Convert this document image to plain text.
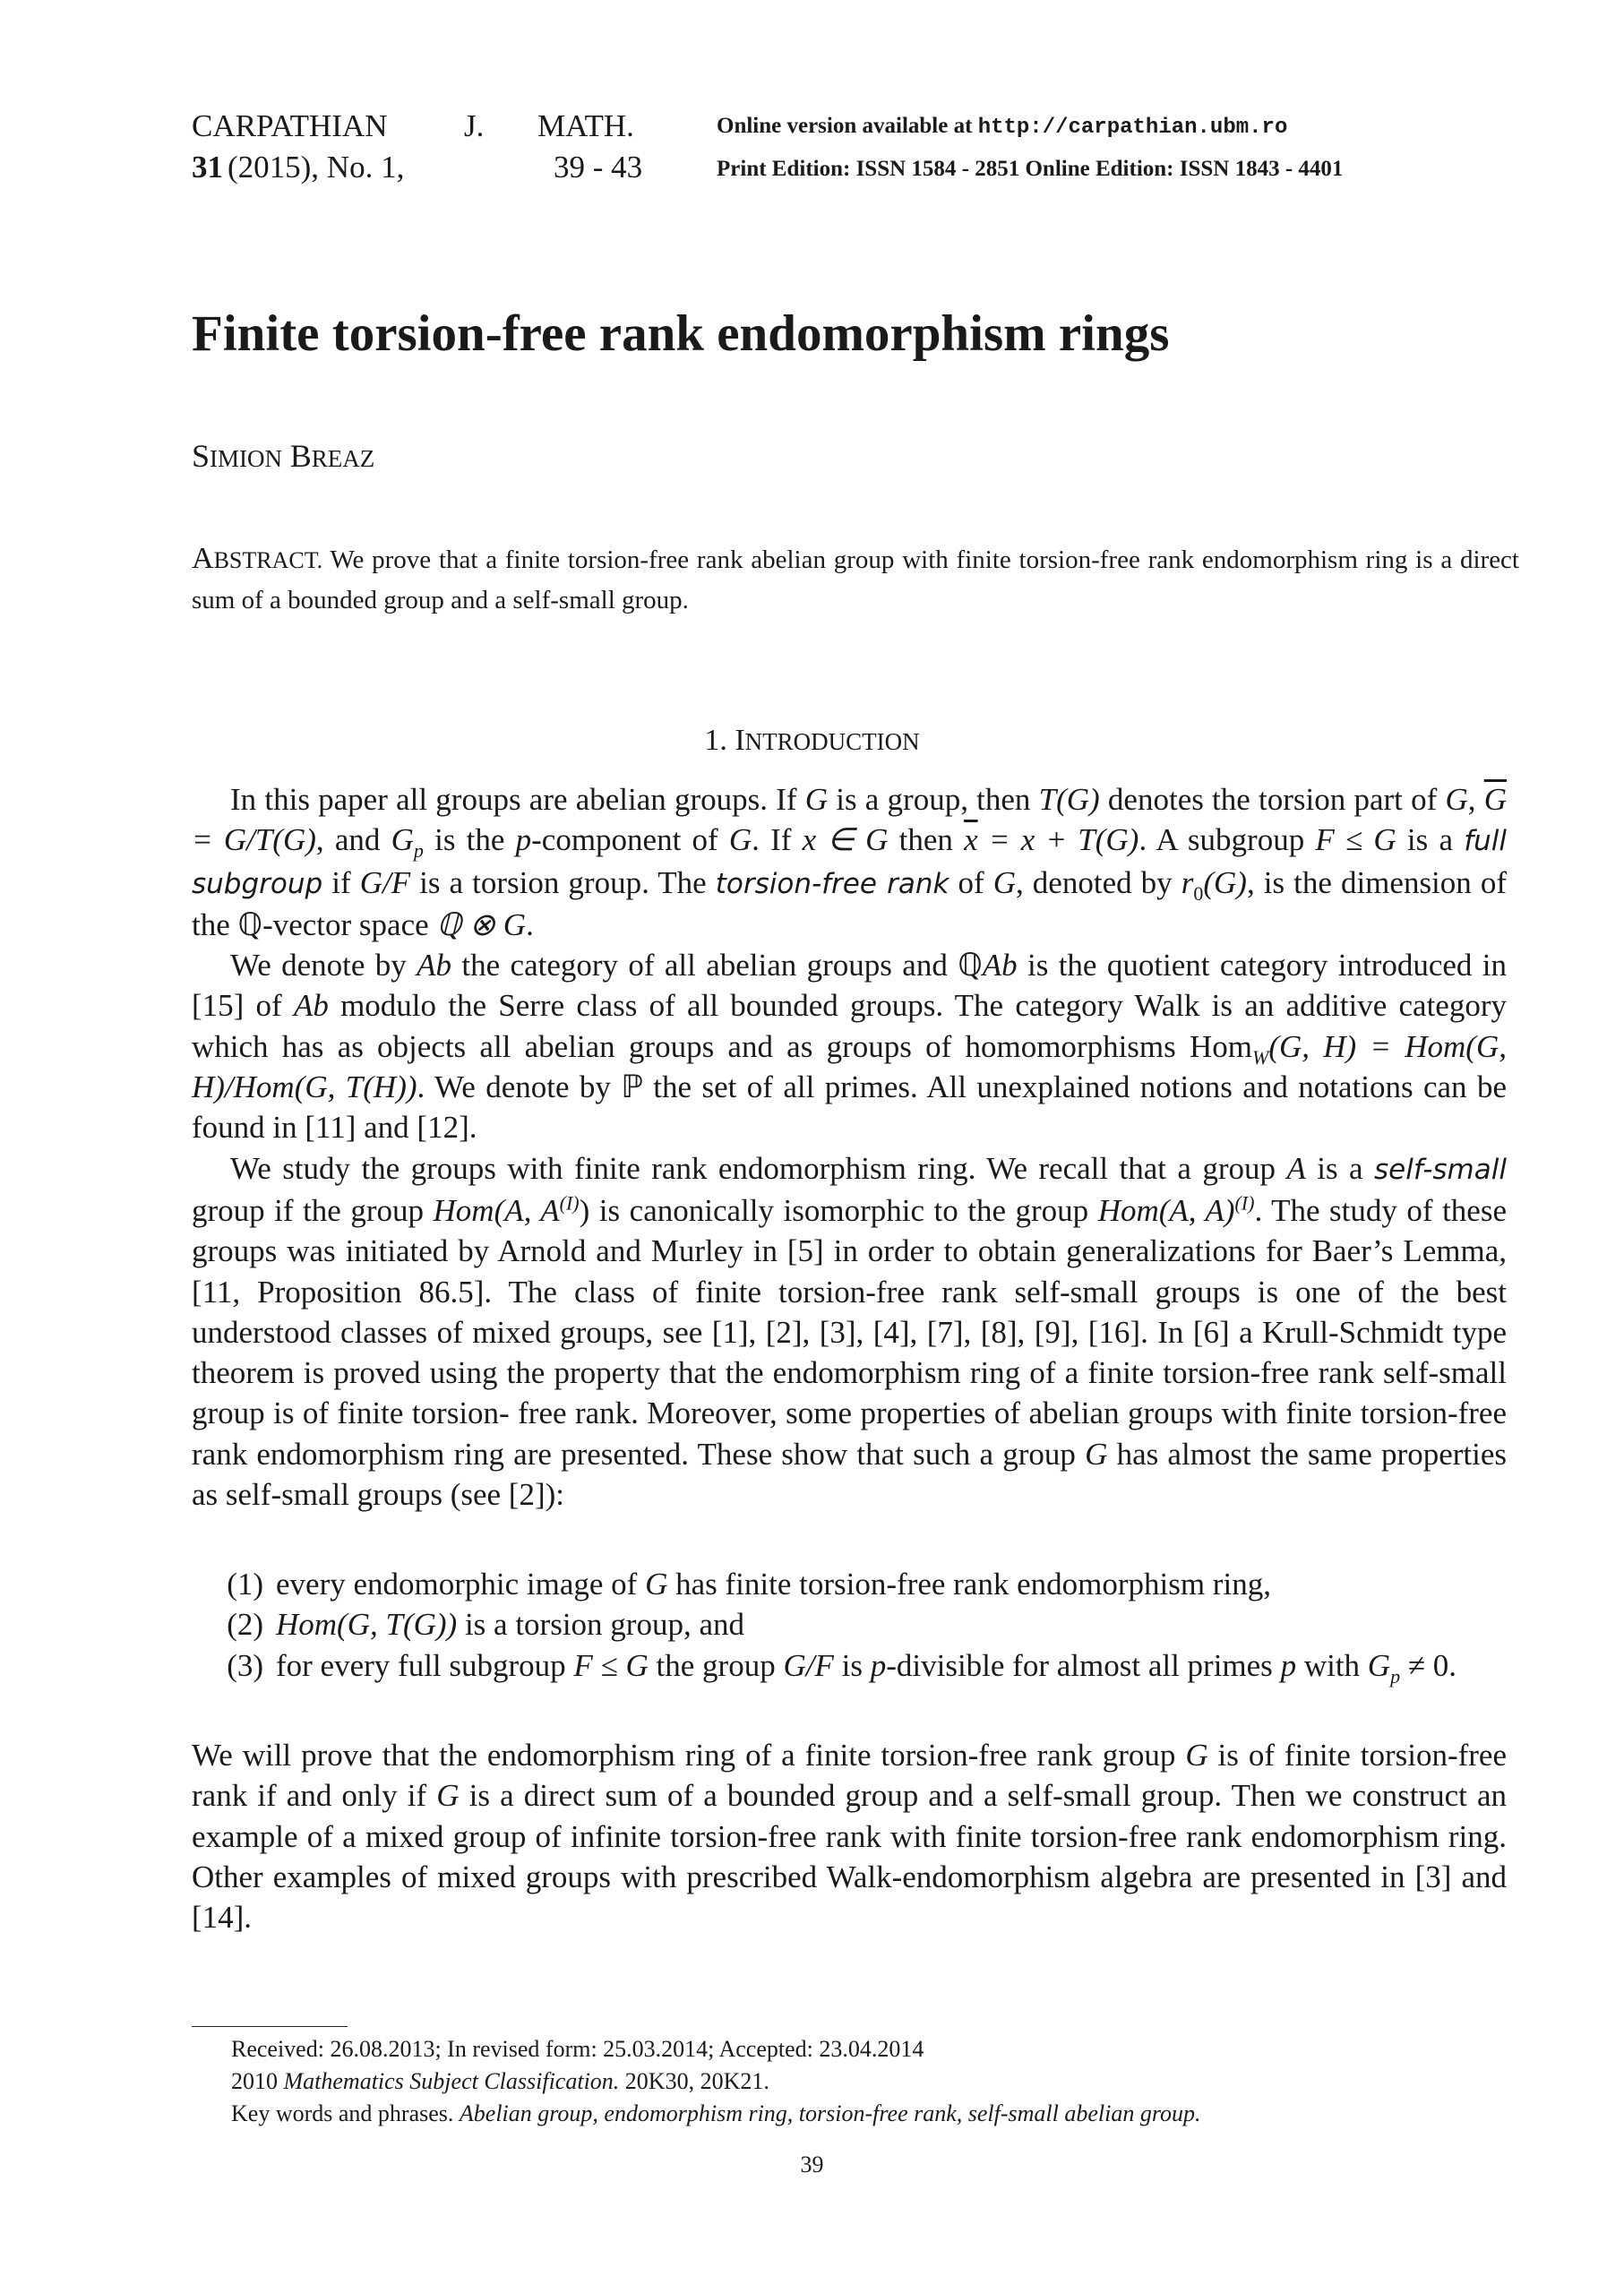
CARPATHIAN J. MATH.
31 (2015), No. 1,	39 - 43
Online version available at http://carpathian.ubm.ro
Print Edition: ISSN 1584 - 2851 Online Edition: ISSN 1843 - 4401
Finite torsion-free rank endomorphism rings
SIMION BREAZ
ABSTRACT. We prove that a finite torsion-free rank abelian group with finite torsion-free rank endomorphism ring is a direct sum of a bounded group and a self-small group.
1. INTRODUCTION

In this paper all groups are abelian groups. If G is a group, then T(G) denotes the torsion part of G, $\overline{G} = G/T(G)$, and $G_p$ is the p-component of G. If x ∈ G then $\overline{x} = x + T(G)$. A subgroup F ≤ G is a full subgroup if G/F is a torsion group. The torsion-free rank of G, denoted by $r_0(G)$, is the dimension of the ℚ-vector space ℚ ⊗ G.

We denote by Ab the category of all abelian groups and ℚAb is the quotient category introduced in [15] of Ab modulo the Serre class of all bounded groups. The category Walk is an additive category which has as objects all abelian groups and as groups of homomorphisms Hom$_W$(G, H) = Hom(G, H)/Hom(G, T(H)). We denote by ℙ the set of all primes. All unexplained notions and notations can be found in [11] and [12].

We study the groups with finite rank endomorphism ring. We recall that a group A is a self-small group if the group Hom(A, $A^{(I)}$) is canonically isomorphic to the group Hom(A, A)$^{(I)}$. The study of these groups was initiated by Arnold and Murley in [5] in order to obtain generalizations for Baer’s Lemma, [11, Proposition 86.5]. The class of finite torsion-free rank self-small groups is one of the best understood classes of mixed groups, see [1], [2], [3], [4], [7], [8], [9], [16]. In [6] a Krull-Schmidt type theorem is proved using the property that the endomorphism ring of a finite torsion-free rank self-small group is of finite torsion- free rank. Moreover, some properties of abelian groups with finite torsion-free rank endomorphism ring are presented. These show that such a group G has almost the same properties as self-small groups (see [2]):

(1) every endomorphic image of G has finite torsion-free rank endomorphism ring,
(2) Hom(G, T(G)) is a torsion group, and
(3) for every full subgroup F ≤ G the group G/F is p-divisible for almost all primes p with $G_p \ne 0$.

We will prove that the endomorphism ring of a finite torsion-free rank group G is of finite torsion-free rank if and only if G is a direct sum of a bounded group and a self-small group. Then we construct an example of a mixed group of infinite torsion-free rank with finite torsion-free rank endomorphism ring. Other examples of mixed groups with prescribed Walk-endomorphism algebra are presented in [3] and [14].

Received: 26.08.2013; In revised form: 25.03.2014; Accepted: 23.04.2014
2010 Mathematics Subject Classification. 20K30, 20K21.
Key words and phrases. Abelian group, endomorphism ring, torsion-free rank, self-small abelian group.
39
